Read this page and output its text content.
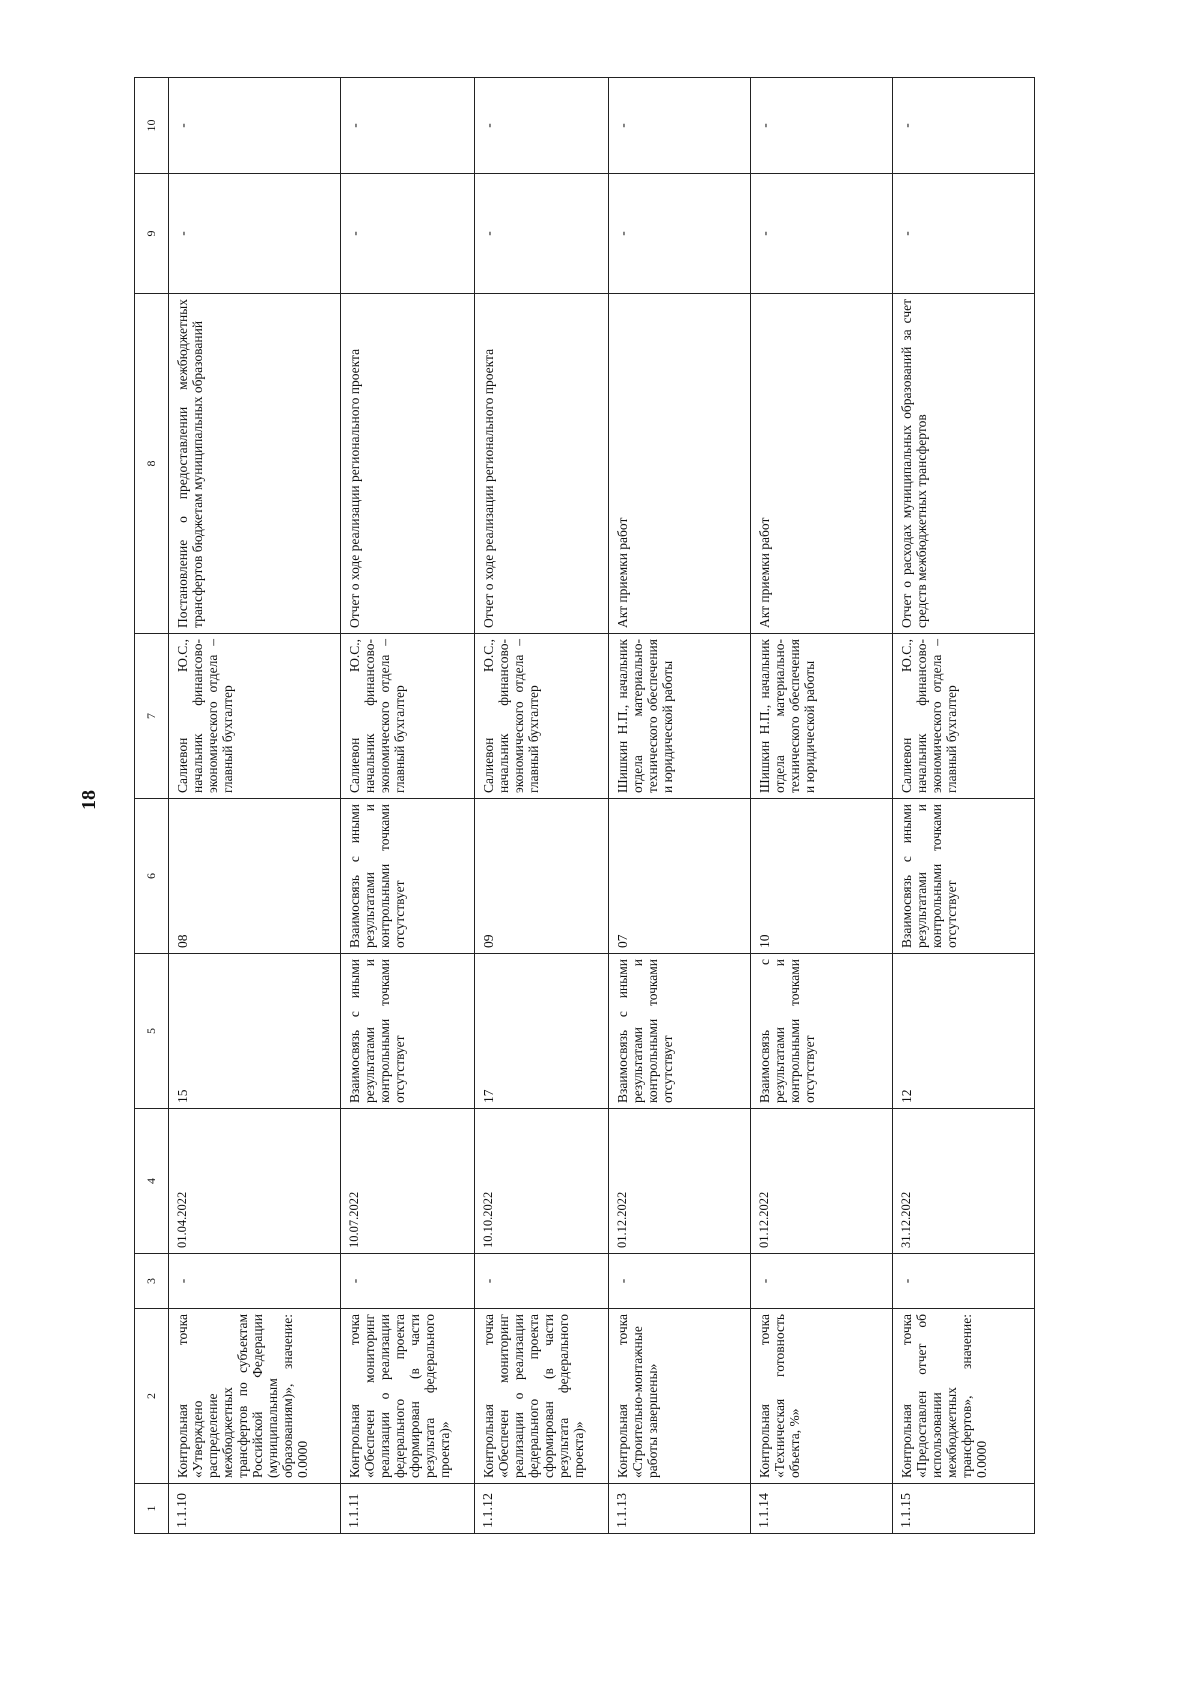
18
1	2	3	4	5	6	7	8	9	10
1.1.10	Контрольная точка «Утверждено распределение межбюджетных трансфертов по субъектам Российской Федерации (муниципальным образованиям)», значение: 0.0000	-	01.04.2022	15	08	Салиевон Ю.С., начальник финансово-экономического отдела – главный бухгалтер	Постановление о предоставлении межбюджетных трансфертов бюджетам муниципальных образований	-	-
1.1.11	Контрольная точка «Обеспечен мониторинг реализации о реализации федерального проекта сформирован (в части результата федерального проекта)»	-	10.07.2022	Взаимосвязь с иными результатами и контрольными точками отсутствует	Взаимосвязь с иными результатами и контрольными точками отсутствует	Салиевон Ю.С., начальник финансово-экономического отдела – главный бухгалтер	Отчет о ходе реализации регионального проекта	-	-
1.1.12	Контрольная точка «Обеспечен мониторинг реализации о реализации федерального проекта сформирован (в части результата федерального проекта)»	-	10.10.2022	17	09	Салиевон Ю.С., начальник финансово-экономического отдела – главный бухгалтер	Отчет о ходе реализации регионального проекта	-	-
1.1.13	Контрольная точка «Строительно-монтажные работы завершены»	-	01.12.2022	Взаимосвязь с иными результатами и контрольными точками отсутствует	07	Шишкин Н.П., начальник отдела материально-технического обеспечения и юридической работы	Акт приемки работ	-	-
1.1.14	Контрольная точка «Техническая готовность объекта, %»	-	01.12.2022	Взаимосвязь с результатами и контрольными точками отсутствует	10	Шишкин Н.П., начальник отдела материально-технического обеспечения и юридической работы	Акт приемки работ	-	-
1.1.15	Контрольная точка «Предоставлен отчет об использовании межбюджетных трансфертов», значение: 0.0000	-	31.12.2022	12	Взаимосвязь с иными результатами и контрольными точками отсутствует	Салиевон Ю.С., начальник финансово-экономического отдела – главный бухгалтер	Отчет о расходах муниципальных образований за счет средств межбюджетных трансфертов	-	-
